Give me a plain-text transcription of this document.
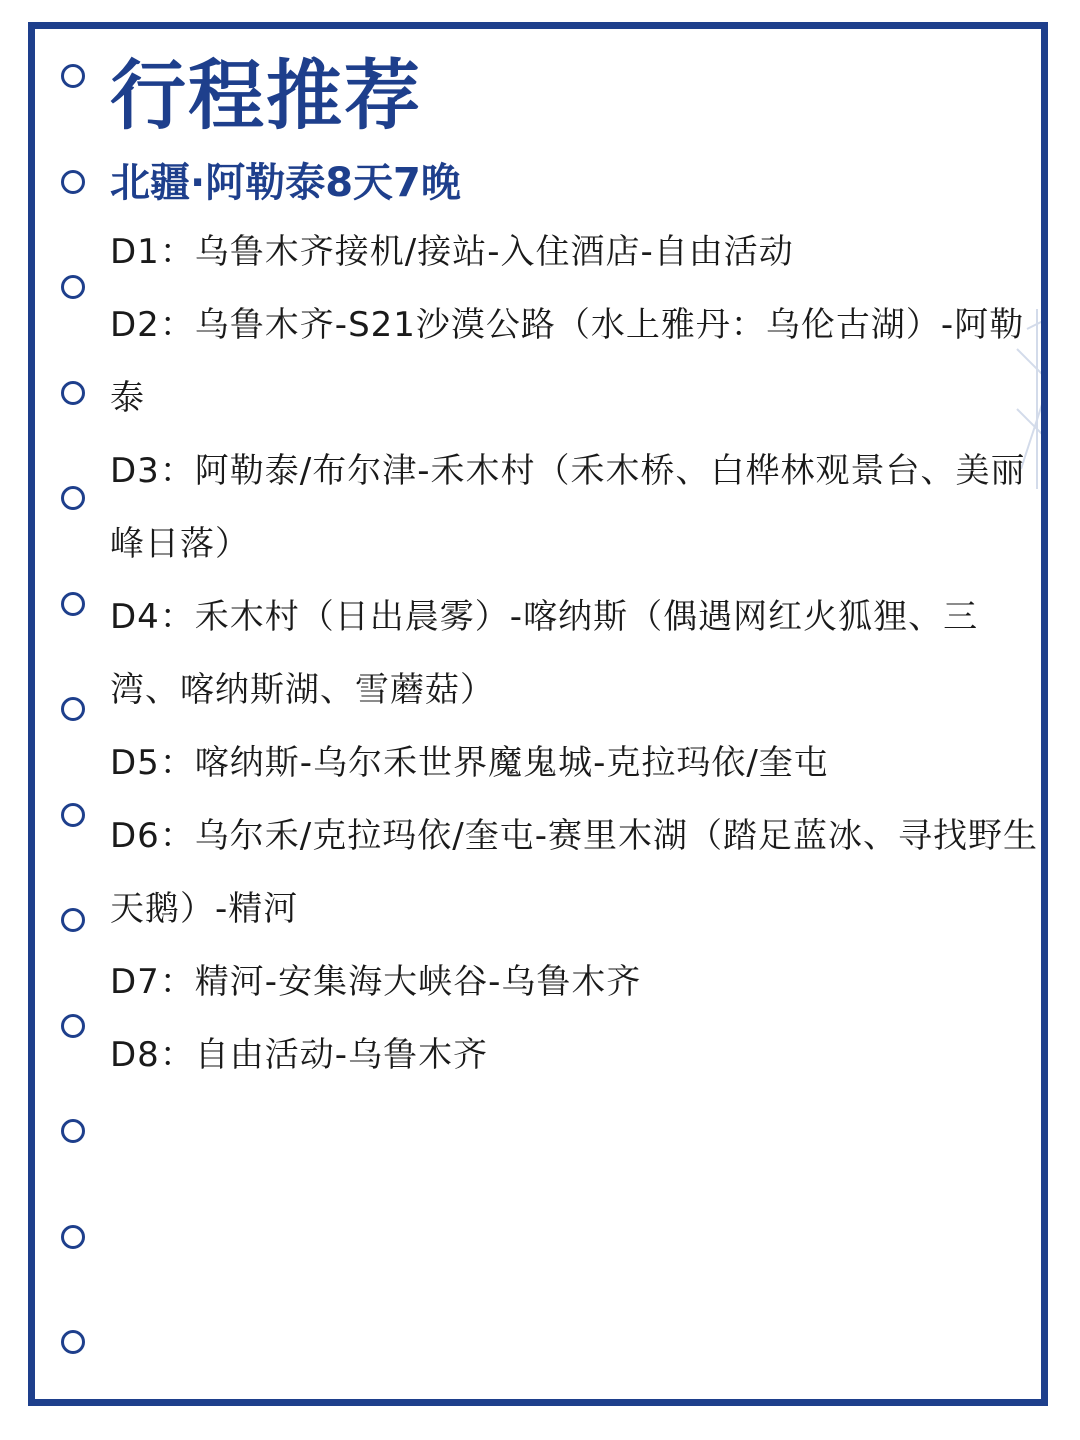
行程推荐
北疆·阿勒泰8天7晚
D1：乌鲁木齐接机/接站-入住酒店-自由活动
D2：乌鲁木齐-S21沙漠公路（水上雅丹：乌伦古湖）-阿勒泰
D3：阿勒泰/布尔津-禾木村（禾木桥、白桦林观景台、美丽峰日落）
D4：禾木村（日出晨雾）-喀纳斯（偶遇网红火狐狸、三湾、喀纳斯湖、雪蘑菇）
D5：喀纳斯-乌尔禾世界魔鬼城-克拉玛依/奎屯
D6：乌尔禾/克拉玛依/奎屯-赛里木湖（踏足蓝冰、寻找野生天鹅）-精河
D7：精河-安集海大峡谷-乌鲁木齐
D8：自由活动-乌鲁木齐
